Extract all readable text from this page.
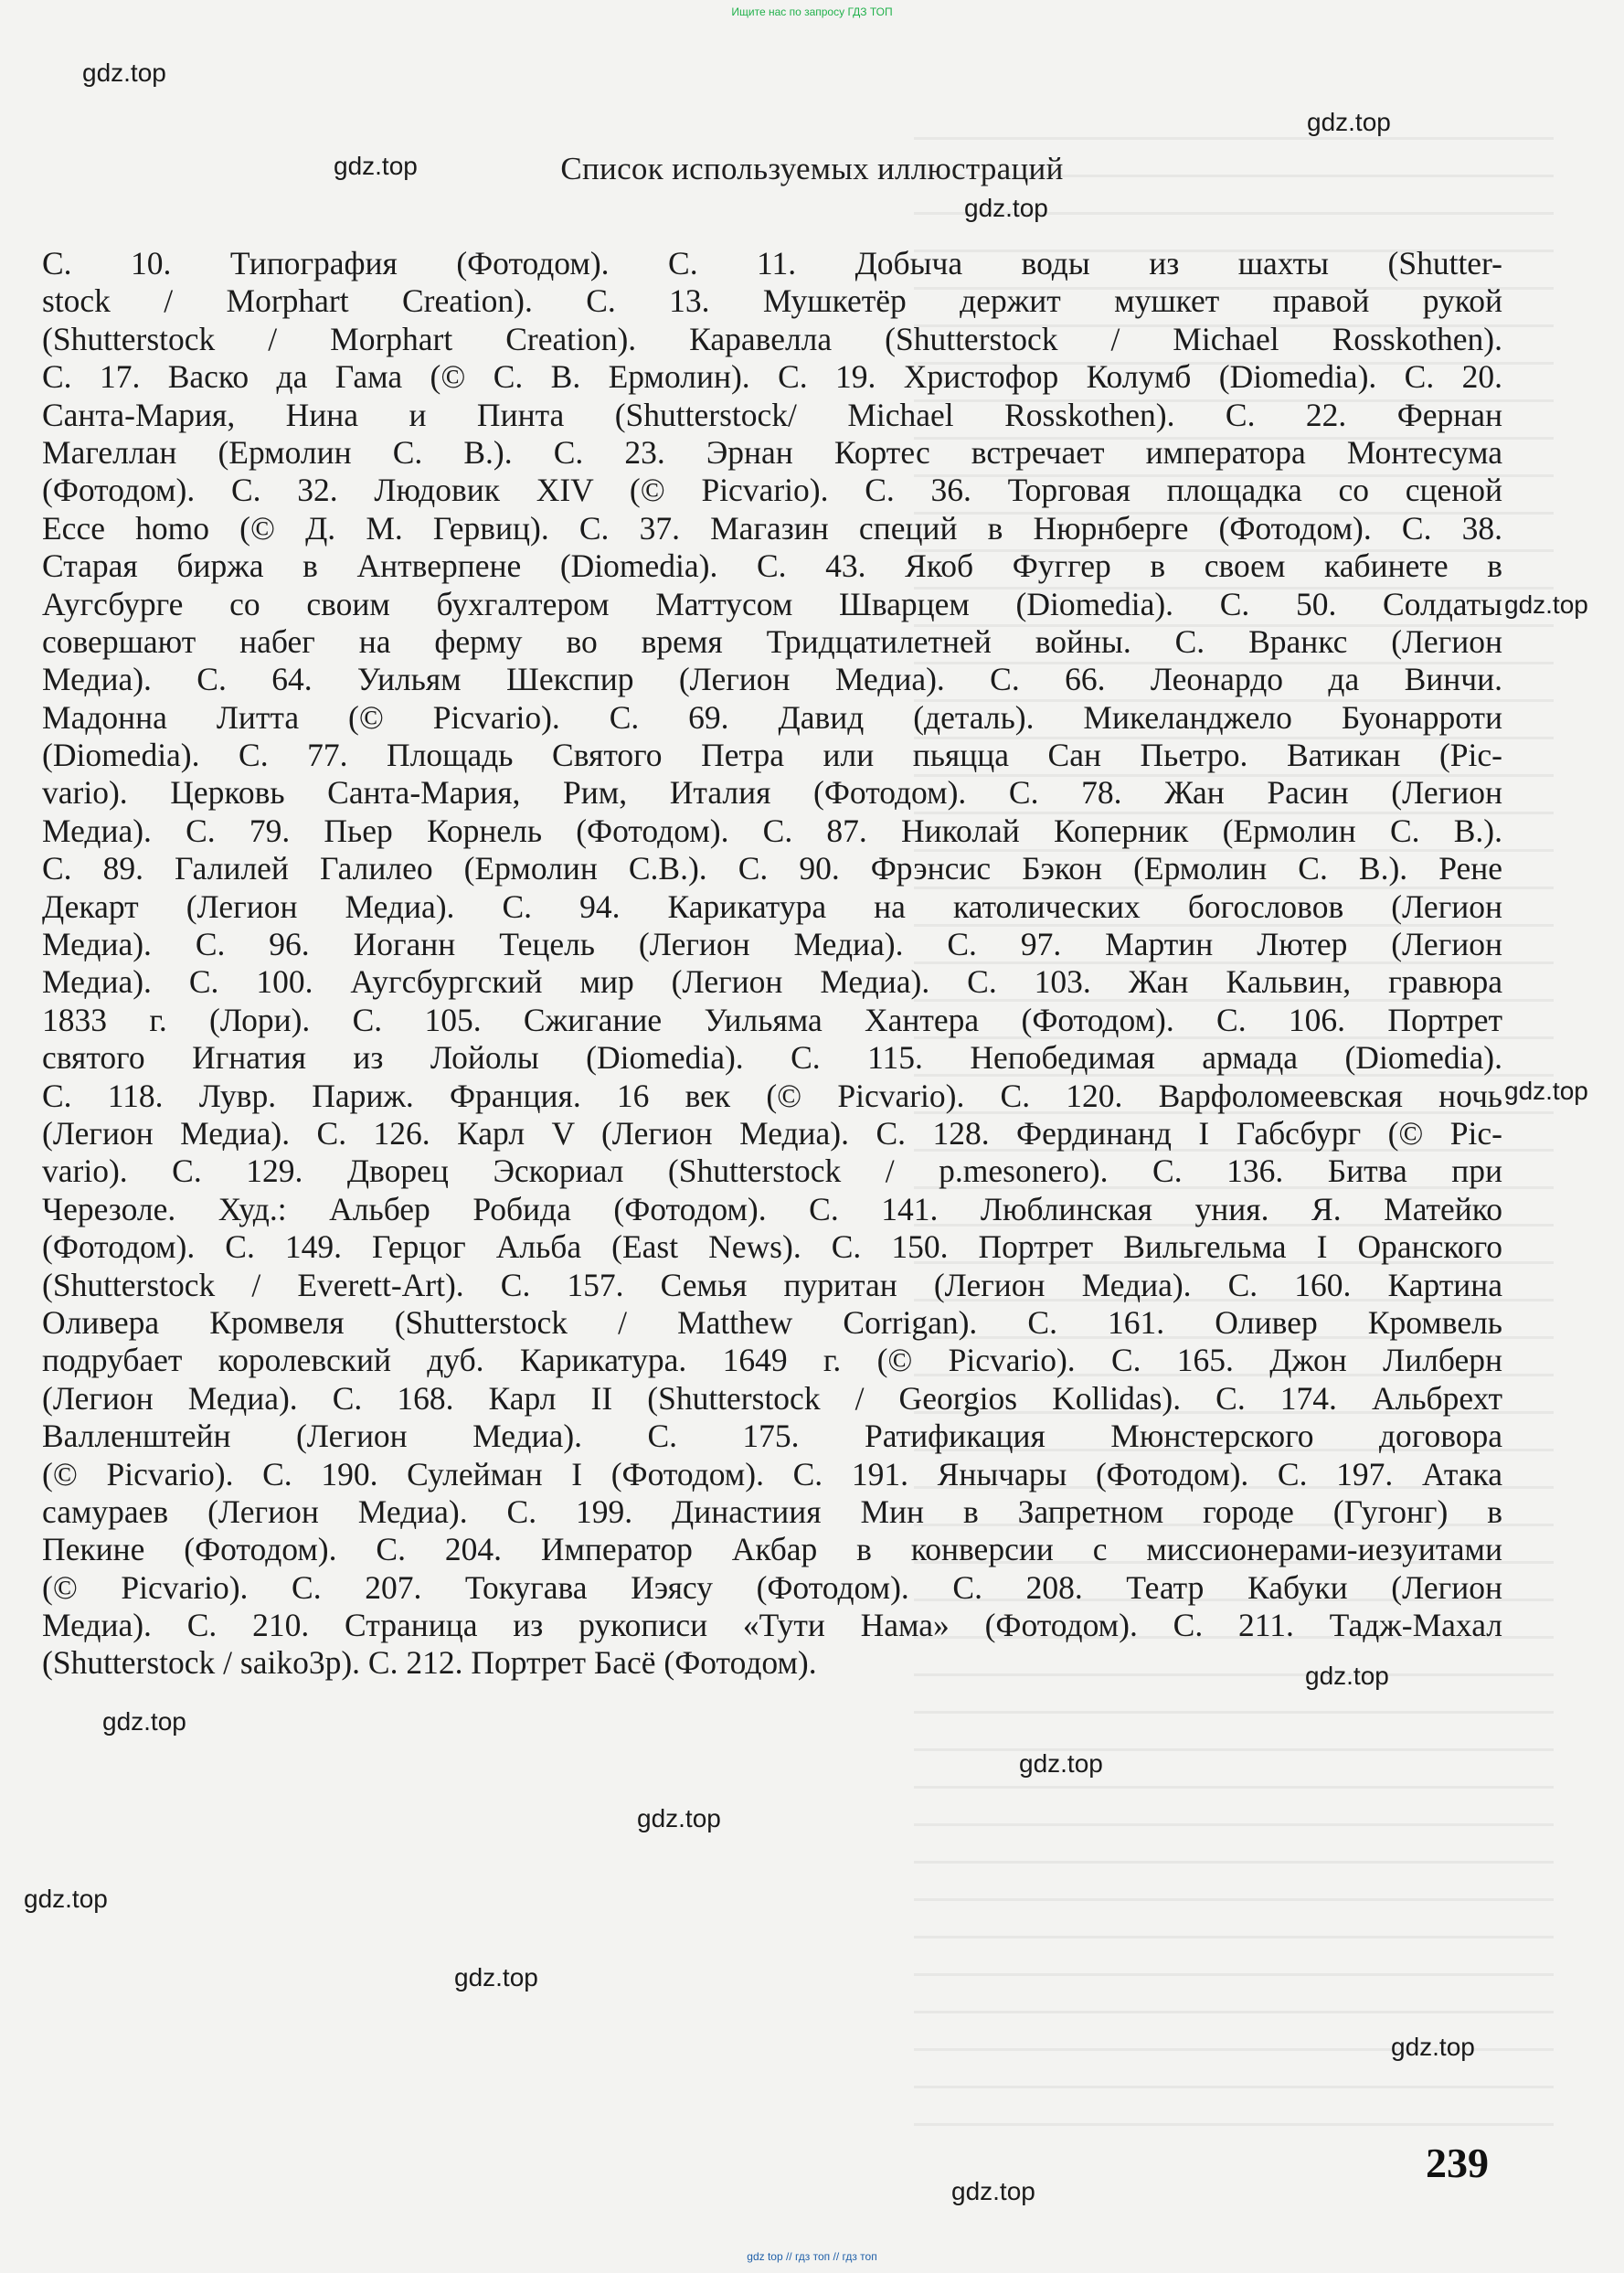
Ищите нас по запросу ГДЗ ТОП
Список используемых иллюстраций
С. 10. Типография (Фотодом). С. 11. Добыча воды из шахты (Shutter-
stock / Morphart Creation). С. 13. Мушкетёр держит мушкет правой рукой
(Shutterstock / Morphart Creation). Каравелла (Shutterstock / Michael Rosskothen).
С. 17. Васко да Гама (© С. В. Ермолин). С. 19. Христофор Колумб (Diomedia). С. 20.
Санта-Мария, Нина и Пинта (Shutterstock/ Michael Rosskothen). С. 22. Фернан
Магеллан (Ермолин С. В.). С. 23. Эрнан Кортес встречает императора Монтесума
(Фотодом). С. 32. Людовик XIV (© Picvario). С. 36. Торговая площадка со сценой
Ecce homo (© Д. М. Гервиц). С. 37. Магазин специй в Нюрнберге (Фотодом). С. 38.
Старая биржа в Антверпене (Diomedia). С. 43. Якоб Фуггер в своем кабинете в
Аугсбурге со своим бухгалтером Маттусом Шварцем (Diomedia). С. 50. Солдаты
совершают набег на ферму во время Тридцатилетней войны. С. Вранкс (Легион
Медиа). С. 64. Уильям Шекспир (Легион Медиа). С. 66. Леонардо да Винчи.
Мадонна Литта (© Picvario). С. 69. Давид (деталь). Микеланджело Буонарроти
(Diomedia). С. 77. Площадь Святого Петра или пьяцца Сан Пьетро. Ватикан (Pic-
vario). Церковь Санта-Мария, Рим, Италия (Фотодом). С. 78. Жан Расин (Легион
Медиа). С. 79. Пьер Корнель (Фотодом). С. 87. Николай Коперник (Ермолин С. В.).
С. 89. Галилей Галилео (Ермолин С.В.). С. 90. Фрэнсис Бэкон (Ермолин С. В.). Рене
Декарт (Легион Медиа). С. 94. Карикатура на католических богословов (Легион
Медиа). С. 96. Иоганн Тецель (Легион Медиа). С. 97. Мартин Лютер (Легион
Медиа). С. 100. Аугсбургский мир (Легион Медиа). С. 103. Жан Кальвин, гравюра
1833 г. (Лори). С. 105. Сжигание Уильяма Хантера (Фотодом). С. 106. Портрет
святого Игнатия из Лойолы (Diomedia). С. 115. Непобедимая армада (Diomedia).
С. 118. Лувр. Париж. Франция. 16 век (© Picvario). С. 120. Варфоломеевская ночь
(Легион Медиа). С. 126. Карл V (Легион Медиа). С. 128. Фердинанд I Габсбург (© Pic-
vario). С. 129. Дворец Эскориал (Shutterstock / p.mesonero). С. 136. Битва при
Черезоле. Худ.: Альбер Робида (Фотодом). С. 141. Люблинская уния. Я. Матейко
(Фотодом). С. 149. Герцог Альба (East News). С. 150. Портрет Вильгельма I Оранского
(Shutterstock / Everett-Art). С. 157. Семья пуритан (Легион Медиа). С. 160. Картина
Оливера Кромвеля (Shutterstock / Matthew Corrigan). С. 161. Оливер Кромвель
подрубает королевский дуб. Карикатура. 1649 г. (© Picvario). С. 165. Джон Лилберн
(Легион Медиа). С. 168. Карл II (Shutterstock / Georgios Kollidas). С. 174. Альбрехт
Валленштейн (Легион Медиа). С. 175. Ратификация Мюнстерского договора
(© Picvario). С. 190. Сулейман I (Фотодом). С. 191. Янычары (Фотодом). С. 197. Атака
самураев (Легион Медиа). С. 199. Династиия Мин в Запретном городе (Гугонг) в
Пекине (Фотодом). С. 204. Император Акбар в конверсии с миссионерами-иезуитами
(© Picvario). С. 207. Токугава Иэясу (Фотодом). С. 208. Театр Кабуки (Легион
Медиа). С. 210. Страница из рукописи «Тути Нама» (Фотодом). С. 211. Тадж-Махал
(Shutterstock / saiko3p). С. 212. Портрет Басё (Фотодом).
239
gdz top // гдз топ // гдз топ
gdz.top
gdz.top
gdz.top
gdz.top
gdz.top
gdz.top
gdz.top
gdz.top
gdz.top
gdz.top
gdz.top
gdz.top
gdz.top
gdz.top
